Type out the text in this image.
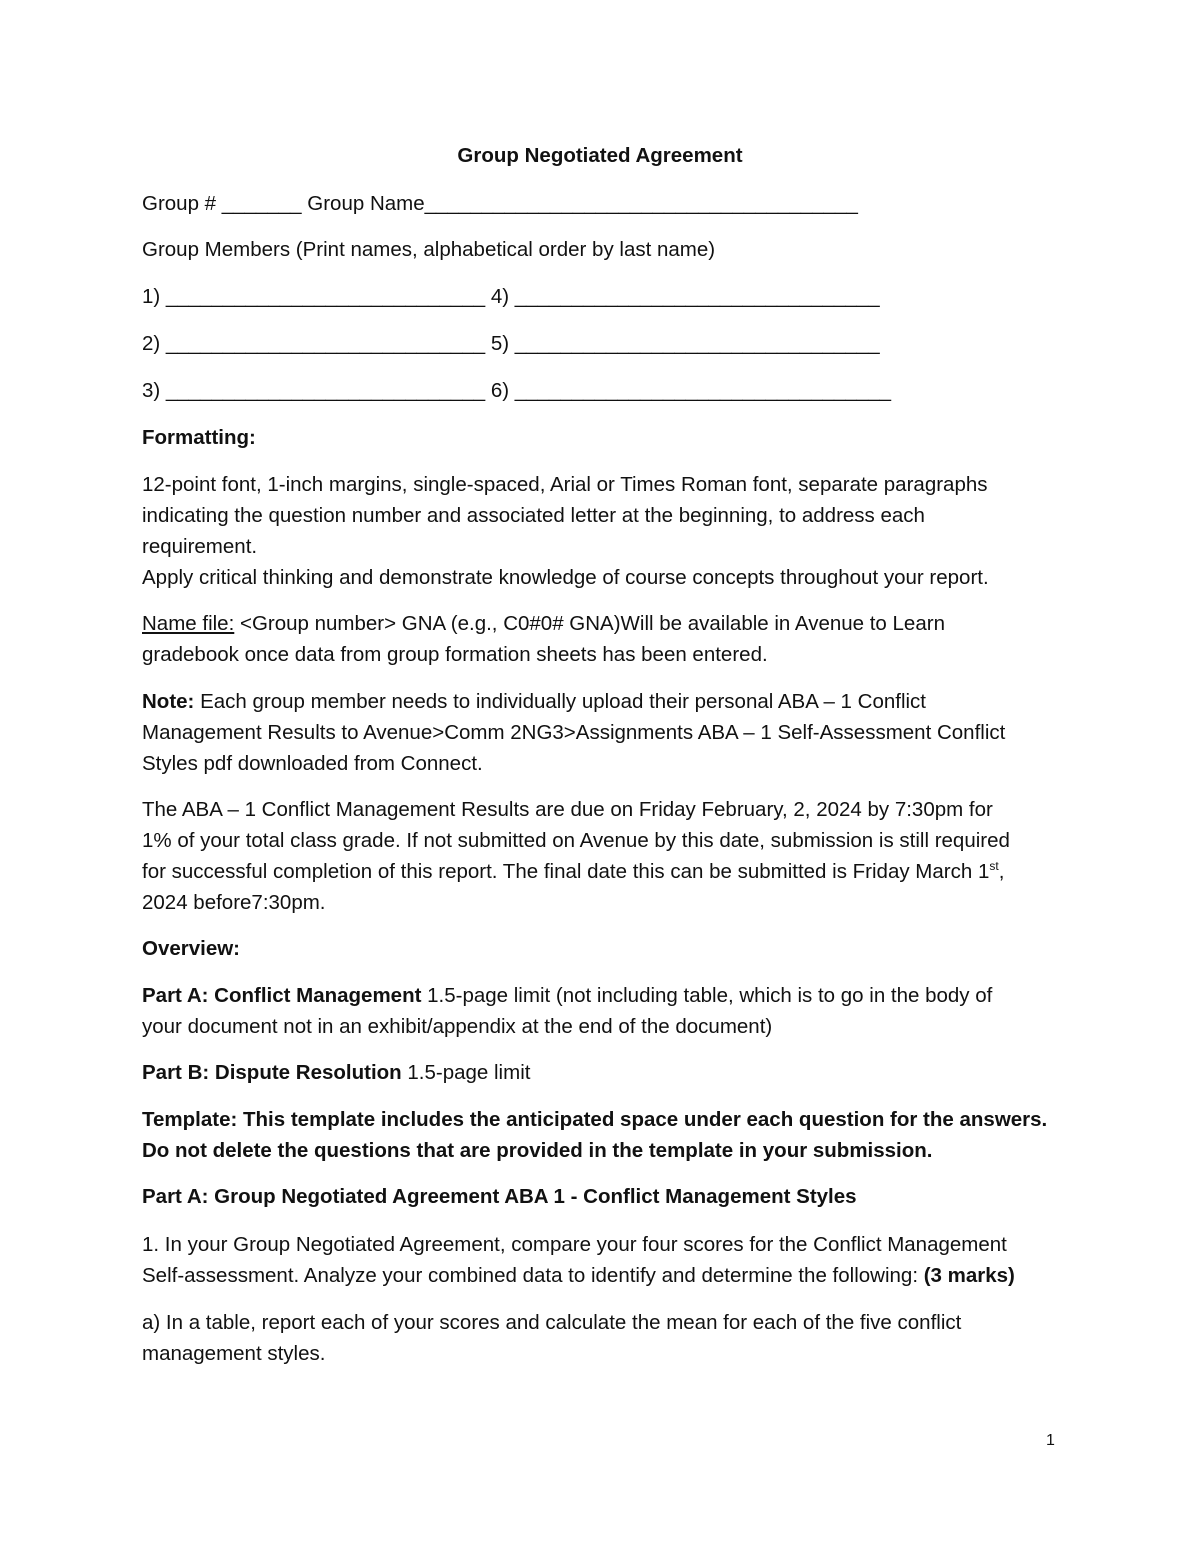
Group Negotiated Agreement
Group # _______ Group Name______________________________________
Group Members (Print names, alphabetical order by last name)
1) ____________________________ 4) ________________________________
2) ____________________________ 5) ________________________________
3) ____________________________ 6) _________________________________
Formatting:
12-point font, 1-inch margins, single-spaced, Arial or Times Roman font, separate paragraphs
indicating the question number and associated letter at the beginning, to address each
requirement.
Apply critical thinking and demonstrate knowledge of course concepts throughout your report.
Name file: <Group number> GNA (e.g., C0#0# GNA)Will be available in Avenue to Learn
gradebook once data from group formation sheets has been entered.
Note: Each group member needs to individually upload their personal ABA – 1 Conflict
Management Results to Avenue>Comm 2NG3>Assignments ABA – 1 Self-Assessment Conflict
Styles pdf downloaded from Connect.
The ABA – 1 Conflict Management Results are due on Friday February, 2, 2024 by 7:30pm for
1% of your total class grade. If not submitted on Avenue by this date, submission is still required
for successful completion of this report. The final date this can be submitted is Friday March 1st,
2024 before7:30pm.
Overview:
Part A: Conflict Management 1.5-page limit (not including table, which is to go in the body of
your document not in an exhibit/appendix at the end of the document)
Part B: Dispute Resolution 1.5-page limit
Template: This template includes the anticipated space under each question for the answers.
Do not delete the questions that are provided in the template in your submission.
Part A: Group Negotiated Agreement ABA 1 - Conflict Management Styles
1. In your Group Negotiated Agreement, compare your four scores for the Conflict Management
Self-assessment. Analyze your combined data to identify and determine the following: (3 marks)
a) In a table, report each of your scores and calculate the mean for each of the five conflict
management styles.
1
